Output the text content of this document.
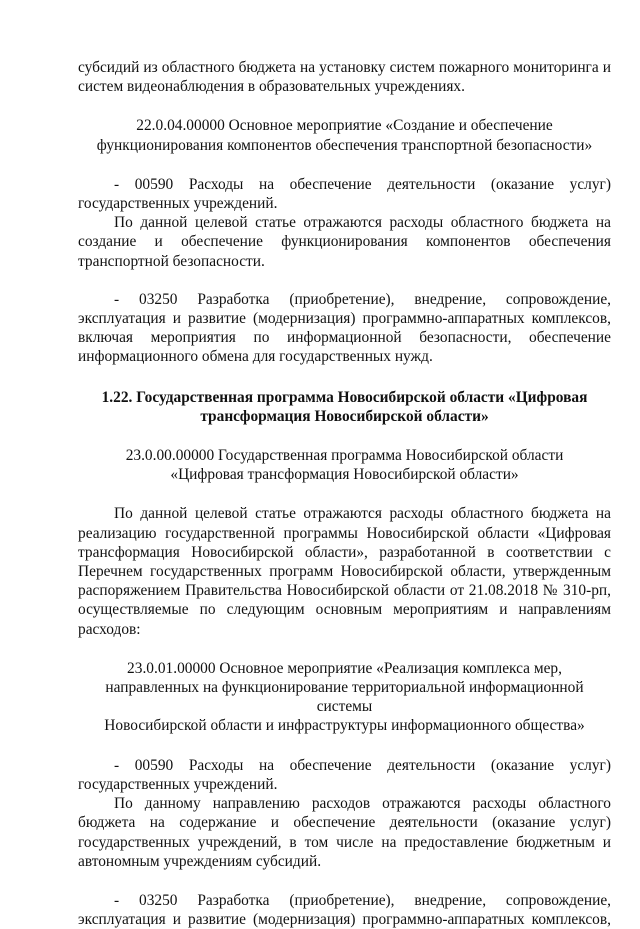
субсидий из областного бюджета на установку систем пожарного мониторинга и

систем видеонаблюдения в образовательных учреждениях.

22.0.04.00000 Основное мероприятие «Создание и обеспечение

функционирования компонентов обеспечения транспортной безопасности»

- 00590 Расходы на обеспечение деятельности (оказание услуг)

государственных учреждений.

По данной целевой статье отражаются расходы областного бюджета на

создание и обеспечение функционирования компонентов обеспечения

транспортной безопасности.

- 03250 Разработка (приобретение), внедрение, сопровождение,

эксплуатация и развитие (модернизация) программно-аппаратных комплексов,

включая мероприятия по информационной безопасности, обеспечение

информационного обмена для государственных нужд.

1.22. Государственная программа Новосибирской области «Цифровая

трансформация Новосибирской области»

23.0.00.00000 Государственная программа Новосибирской области

«Цифровая трансформация Новосибирской области»

По данной целевой статье отражаются расходы областного бюджета на

реализацию государственной программы Новосибирской области «Цифровая

трансформация Новосибирской области», разработанной в соответствии с

Перечнем государственных программ Новосибирской области, утвержденным

распоряжением Правительства Новосибирской области от 21.08.2018 № 310-рп,

осуществляемые по следующим основным мероприятиям и направлениям

расходов:

23.0.01.00000 Основное мероприятие «Реализация комплекса мер,

направленных на функционирование территориальной информационной системы

Новосибирской области и инфраструктуры информационного общества»

- 00590 Расходы на обеспечение деятельности (оказание услуг)

государственных учреждений.

По данному направлению расходов отражаются расходы областного

бюджета на содержание и обеспечение деятельности (оказание услуг)

государственных учреждений, в том числе на предоставление бюджетным и

автономным учреждениям субсидий.

- 03250 Разработка (приобретение), внедрение, сопровождение,

эксплуатация и развитие (модернизация) программно-аппаратных комплексов,
